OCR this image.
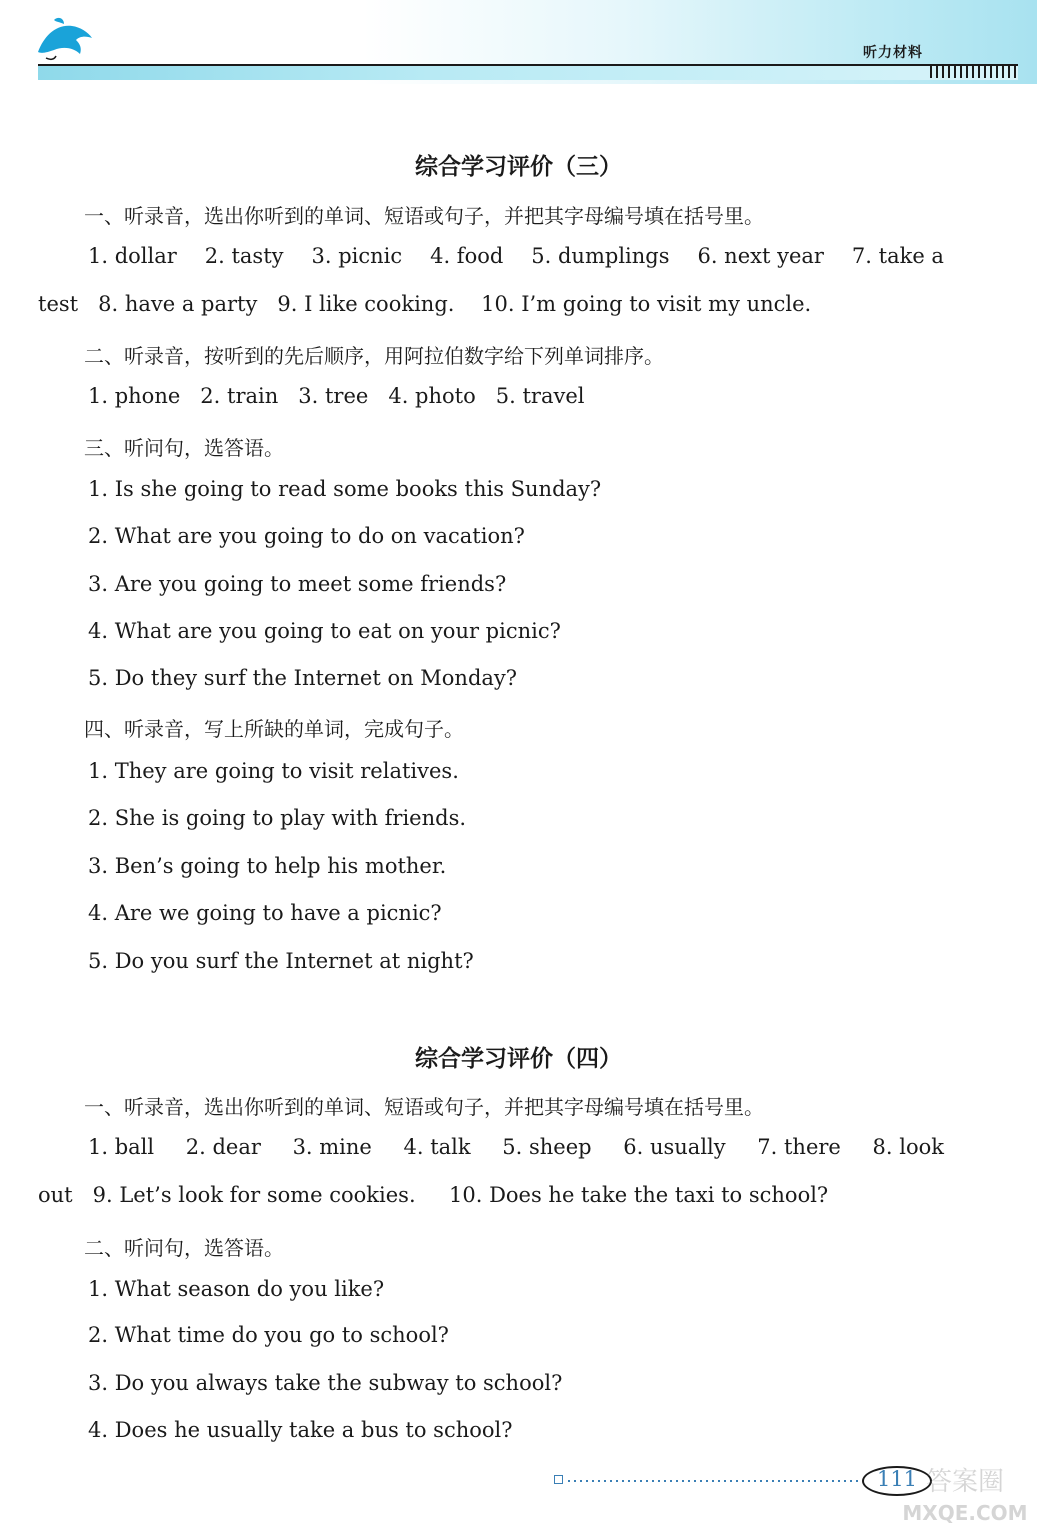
听力材料
综合学习评价（三）
一、听录音，选出你听到的单词、短语或句子，并把其字母编号填在括号里。
1. dollar 2. tasty 3. picnic 4. food 5. dumplings 6. next year 7. take a
test   8. have a party   9. I like cooking.    10. I’m going to visit my uncle.
二、听录音，按听到的先后顺序，用阿拉伯数字给下列单词排序。
1. phone   2. train   3. tree   4. photo   5. travel
三、听问句，选答语。
1. Is she going to read some books this Sunday?
2. What are you going to do on vacation?
3. Are you going to meet some friends?
4. What are you going to eat on your picnic?
5. Do they surf the Internet on Monday?
四、听录音，写上所缺的单词，完成句子。
1. They are going to visit relatives.
2. She is going to play with friends.
3. Ben’s going to help his mother.
4. Are we going to have a picnic?
5. Do you surf the Internet at night?
综合学习评价（四）
一、听录音，选出你听到的单词、短语或句子，并把其字母编号填在括号里。
1. ball 2. dear 3. mine 4. talk 5. sheep 6. usually 7. there 8. look
out   9. Let’s look for some cookies.     10. Does he take the taxi to school?
二、听问句，选答语。
1. What season do you like?
2. What time do you go to school?
3. Do you always take the subway to school?
4. Does he usually take a bus to school?
111 答案圈
MXQE.COM
